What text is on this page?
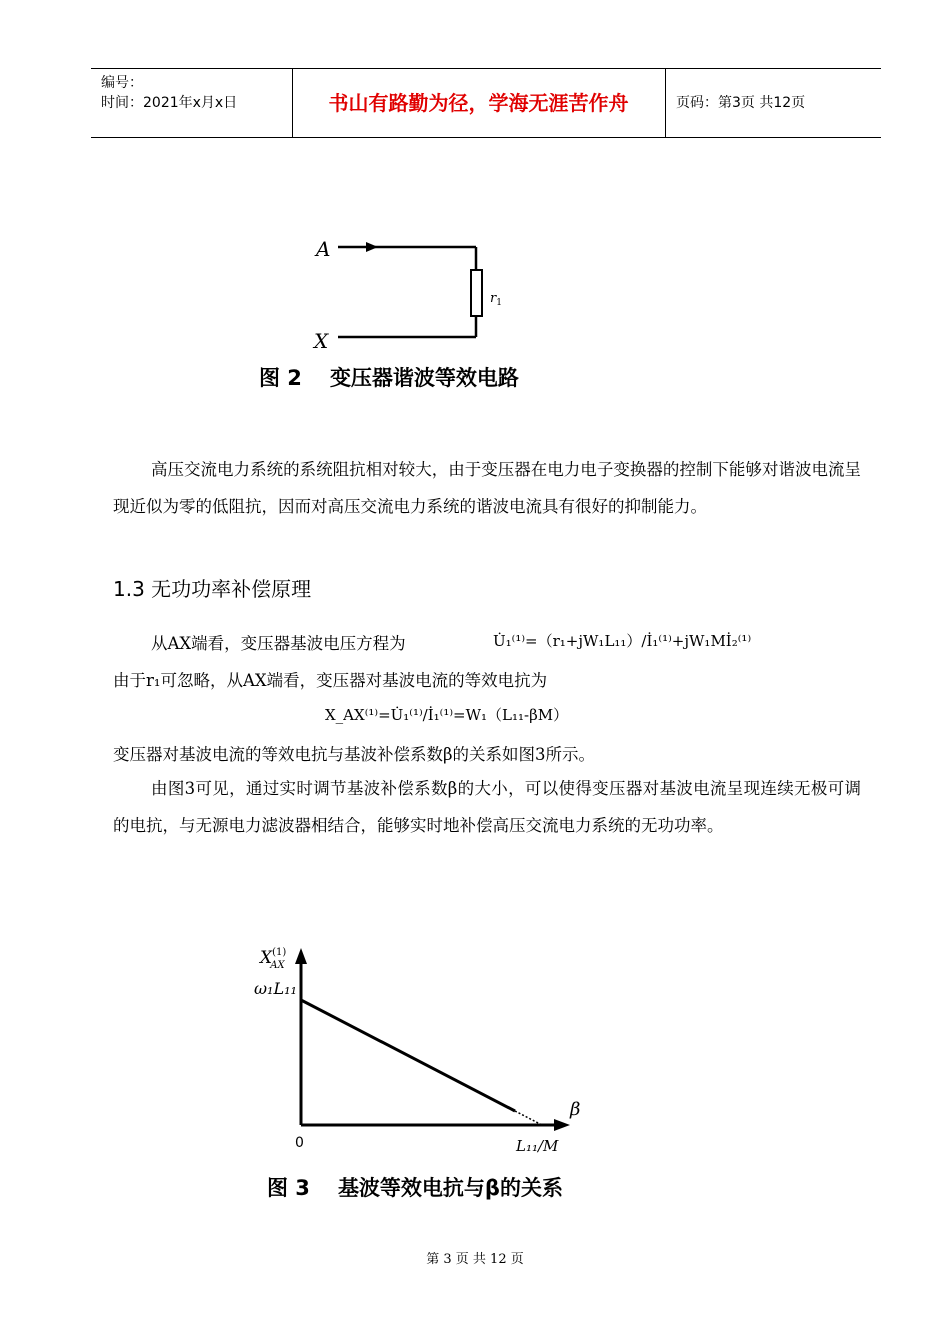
编号：
时间：2021年x月x日	书山有路勤为径，学海无涯苦作舟	页码：第3页 共12页
A
$r_1$
X
图 2 变压器谐波等效电路
高压交流电力系统的系统阻抗相对较大，由于变压器在电力电子变换器的控制下能够对谐波电流呈现近似为零的低阻抗，因而对高压交流电力系统的谐波电流具有很好的抑制能力。
1.3 无功功率补偿原理
从AX端看，变压器基波电压方程为	U̇₁⁽¹⁾=（r₁+jW₁L₁₁）/İ₁⁽¹⁾+jW₁Mİ₂⁽¹⁾
由于r₁可忽略，从AX端看，变压器对基波电流的等效电抗为
X_AX⁽¹⁾=U̇₁⁽¹⁾/İ₁⁽¹⁾=W₁（L₁₁-βM）
变压器对基波电流的等效电抗与基波补偿系数β的关系如图3所示。
由图3可见，通过实时调节基波补偿系数β的大小，可以使得变压器对基波电流呈现连续无极可调的电抗，与无源电力滤波器相结合，能够实时地补偿高压交流电力系统的无功功率。
$X^{(1)}$ AX
ω₁L₁₁
0	L₁₁/M
β
图 3 基波等效电抗与β的关系
第 3 页 共 12 页
